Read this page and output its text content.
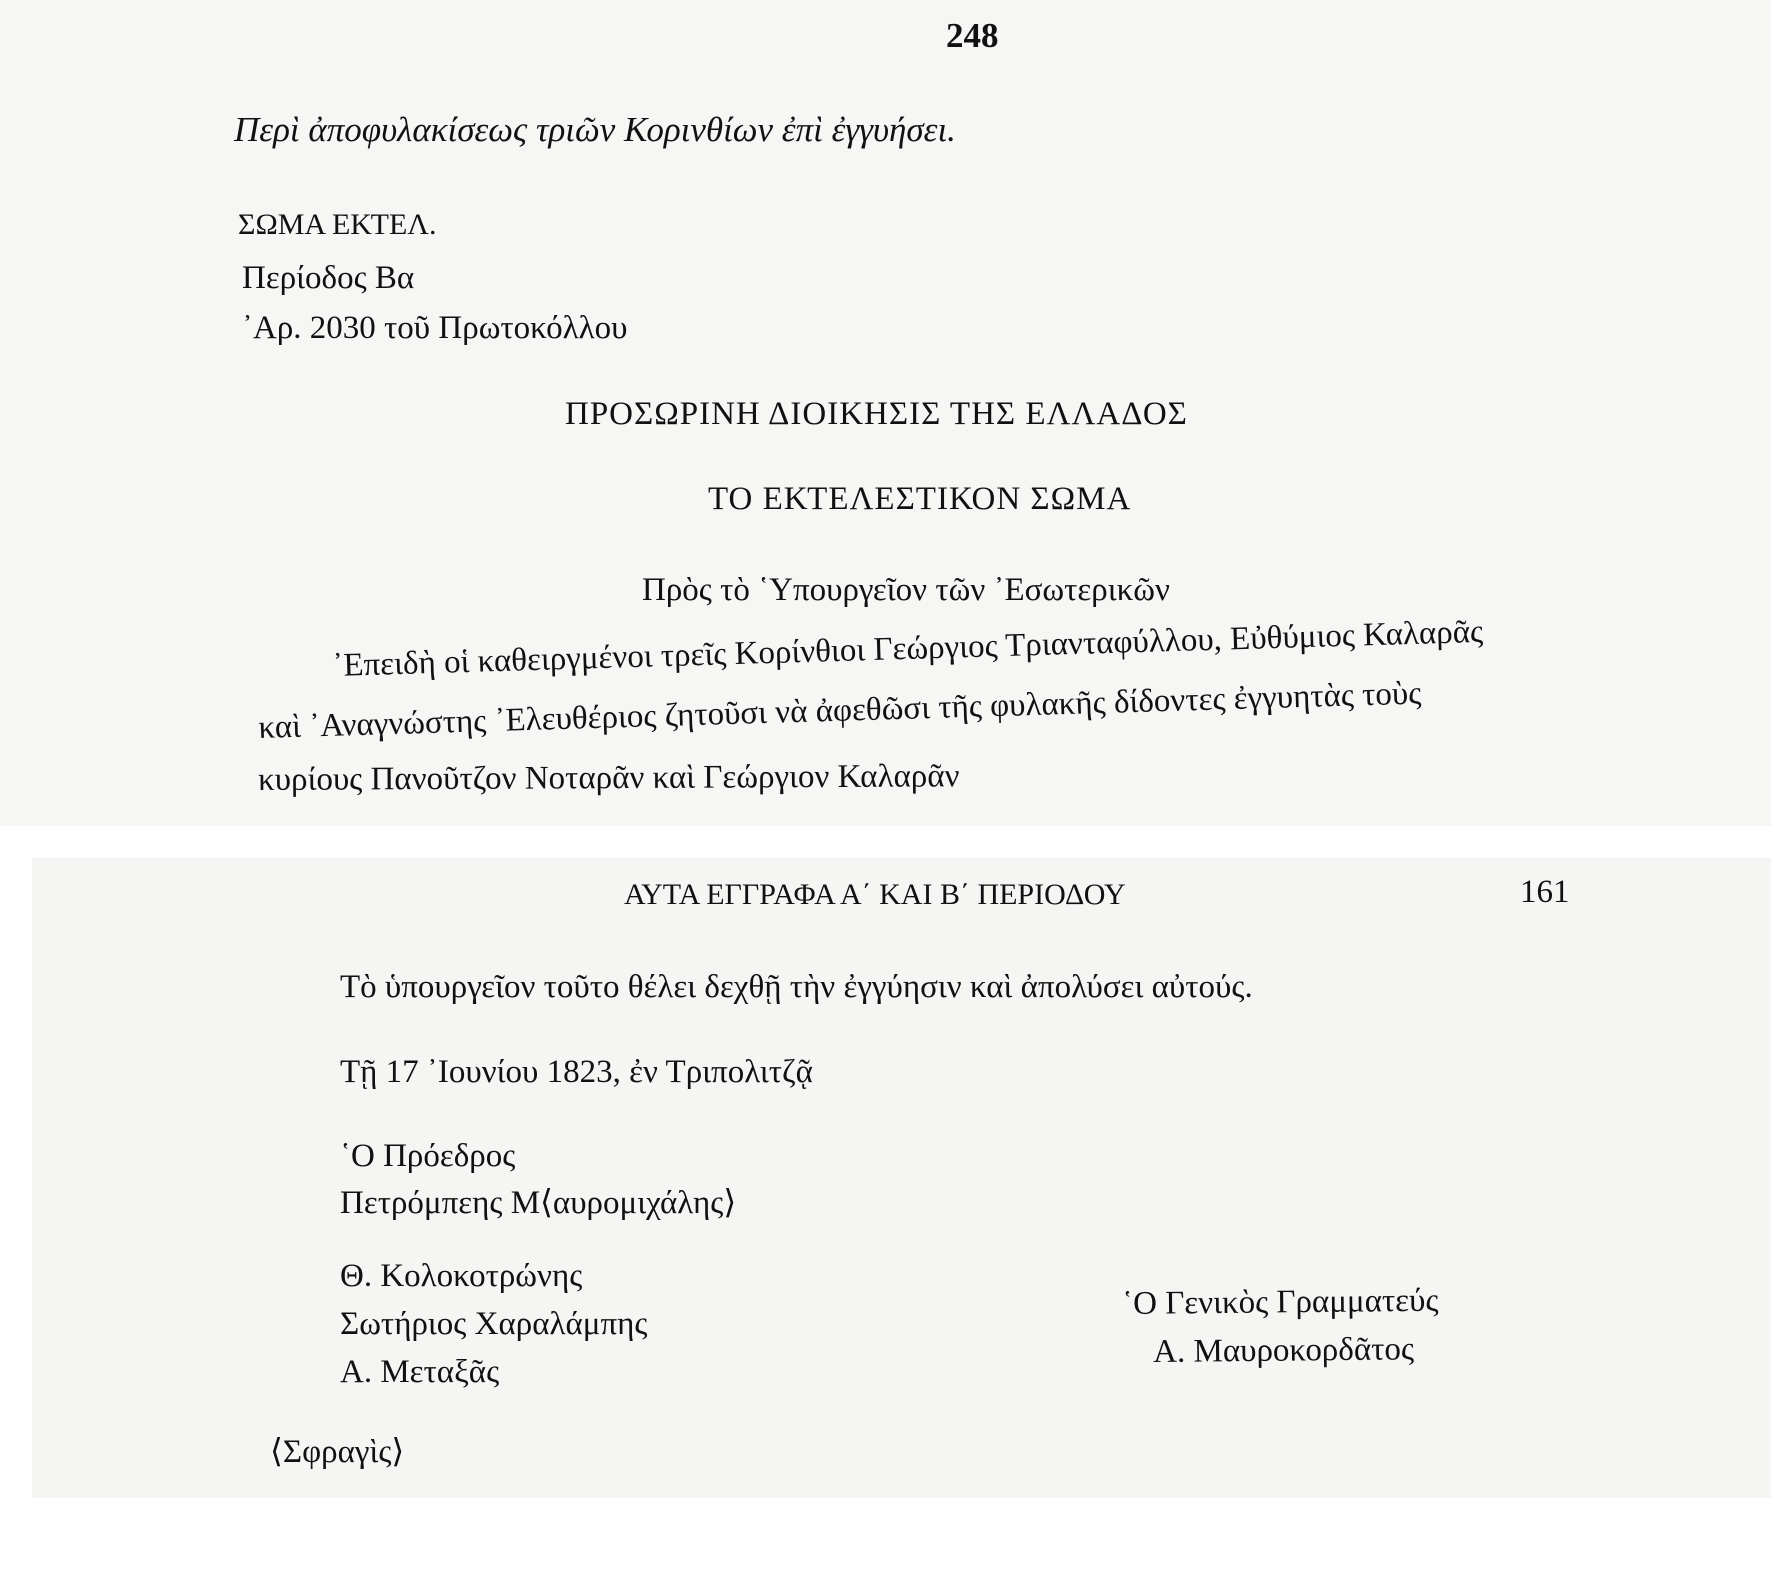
248
Περὶ ἀποφυλακίσεως τριῶν Κορινθίων ἐπὶ ἐγγυήσει.
ΣΩΜΑ ΕΚΤΕΛ.
Περίοδος Βα
᾿Αρ. 2030 τοῦ Πρωτοκόλλου
ΠΡΟΣΩΡΙΝΗ ΔΙΟΙΚΗΣΙΣ ΤΗΣ ΕΛΛΑΔΟΣ
ΤΟ ΕΚΤΕΛΕΣΤΙΚΟΝ ΣΩΜΑ
Πρὸς τὸ ῾Υπουργεῖον τῶν ᾿Εσωτερικῶν
᾿Επειδὴ οἱ καθειργμένοι τρεῖς Κορίνθιοι Γεώργιος Τριανταφύλλου, Εὐθύμιος Καλαρᾶς
καὶ ᾿Αναγνώστης ᾿Ελευθέριος ζητοῦσι νὰ ἀφεθῶσι τῆς φυλακῆς δίδοντες ἐγγυητὰς τοὺς
κυρίους Πανοῦτζον Νοταρᾶν καὶ Γεώργιον Καλαρᾶν
ΑΥΤΑ ΕΓΓΡΑΦΑ Α΄ ΚΑΙ Β΄ ΠΕΡΙΟΔΟΥ	161
Τὸ ὑπουργεῖον τοῦτο θέλει δεχθῇ τὴν ἐγγύησιν καὶ ἀπολύσει αὐτούς.
Τῇ 17 ᾿Ιουνίου 1823, ἐν Τριπολιτζᾷ
῾Ο Πρόεδρος
Πετρόμπεης Μ⟨αυρομιχάλης⟩
Θ. Κολοκοτρώνης
Σωτήριος Χαραλάμπης
Α. Μεταξᾶς
῾Ο Γενικὸς Γραμματεύς
Α. Μαυροκορδᾶτος
⟨Σφραγὶς⟩
